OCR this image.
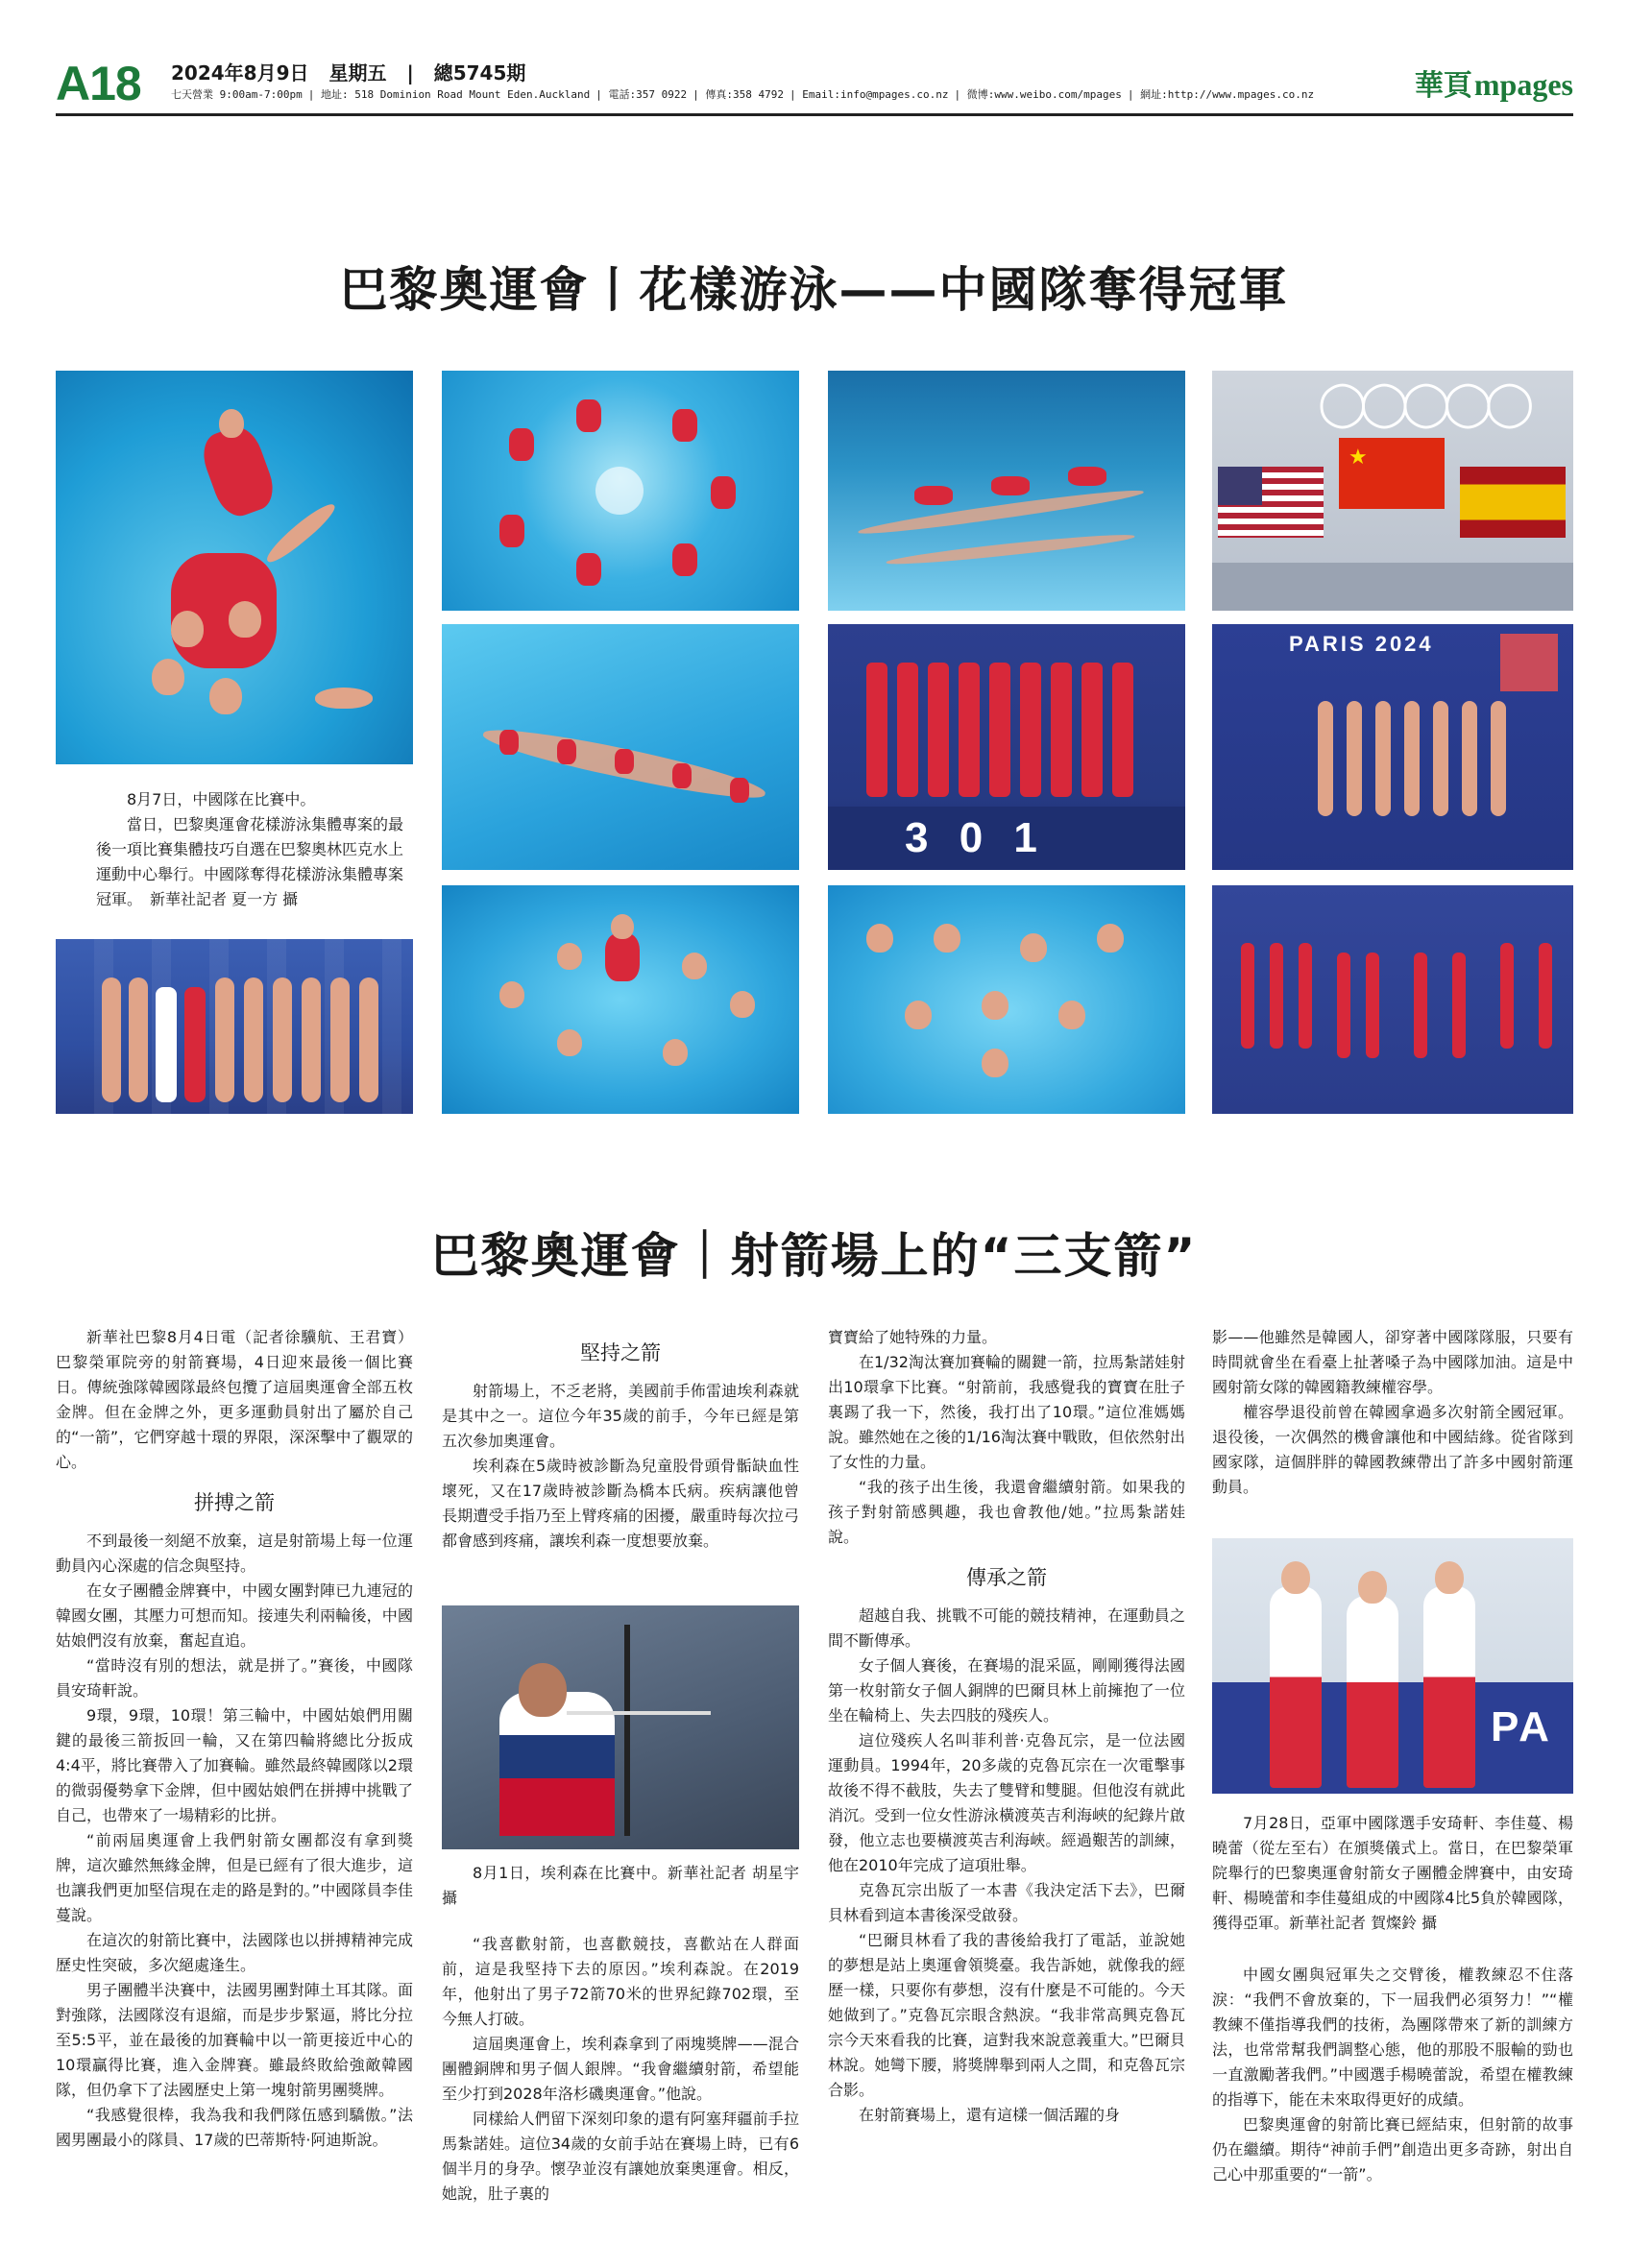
A18 2024年8月9日 星期五 | 總5745期
七天營業 9:00am-7:00pm | 地址: 518 Dominion Road Mount Eden.Auckland | 電話:357 0922 | 傳真:358 4792 | Email:info@mpages.co.nz | 微博:www.weibo.com/mpages | 網址:http://www.mpages.co.nz	華頁mpages
巴黎奧運會丨花樣游泳——中國隊奪得冠軍

8月7日，中國隊在比賽中。

當日，巴黎奧運會花樣游泳集體專案的最後一項比賽集體技巧自選在巴黎奧林匹克水上運動中心舉行。中國隊奪得花樣游泳集體專案冠軍。　新華社記者 夏一方 攝

3 0 1
◯◯◯◯◯
★
PARIS 2024
巴黎奧運會｜射箭場上的“三支箭”

新華社巴黎8月4日電（記者徐驥航、王君寶）巴黎榮軍院旁的射箭賽場，4日迎來最後一個比賽日。傳統強隊韓國隊最終包攬了這屆奧運會全部五枚金牌。但在金牌之外，更多運動員射出了屬於自己的“一箭”，它們穿越十環的界限，深深擊中了觀眾的心。

拼搏之箭

不到最後一刻絕不放棄，這是射箭場上每一位運動員內心深處的信念與堅持。

在女子團體金牌賽中，中國女團對陣已九連冠的韓國女團，其壓力可想而知。接連失利兩輪後，中國姑娘們沒有放棄，奮起直追。

“當時沒有別的想法，就是拼了。”賽後，中國隊員安琦軒說。

9環，9環，10環！第三輪中，中國姑娘們用關鍵的最後三箭扳回一輪，又在第四輪將總比分扳成4:4平，將比賽帶入了加賽輪。雖然最終韓國隊以2環的微弱優勢拿下金牌，但中國姑娘們在拼搏中挑戰了自己，也帶來了一場精彩的比拼。

“前兩屆奧運會上我們射箭女團都沒有拿到獎牌，這次雖然無緣金牌，但是已經有了很大進步，這也讓我們更加堅信現在走的路是對的。”中國隊員李佳蔓說。

在這次的射箭比賽中，法國隊也以拼搏精神完成歷史性突破，多次絕處逢生。

男子團體半決賽中，法國男團對陣土耳其隊。面對強隊，法國隊沒有退縮，而是步步緊逼，將比分拉至5:5平，並在最後的加賽輪中以一箭更接近中心的10環贏得比賽，進入金牌賽。雖最終敗給強敵韓國隊，但仍拿下了法國歷史上第一塊射箭男團獎牌。

“我感覺很棒，我為我和我們隊伍感到驕傲。”法國男團最小的隊員、17歲的巴蒂斯特·阿迪斯說。

堅持之箭

射箭場上，不乏老將，美國前手佈雷迪埃利森就是其中之一。這位今年35歲的前手，今年已經是第五次參加奧運會。

埃利森在5歲時被診斷為兒童股骨頭骨骺缺血性壞死，又在17歲時被診斷為橋本氏病。疾病讓他曾長期遭受手指乃至上臂疼痛的困擾，嚴重時每次拉弓都會感到疼痛，讓埃利森一度想要放棄。

8月1日，埃利森在比賽中。新華社記者 胡星宇 攝

“我喜歡射箭，也喜歡競技，喜歡站在人群面前，這是我堅持下去的原因。”埃利森說。在2019年，他射出了男子72箭70米的世界紀錄702環，至今無人打破。

這屆奧運會上，埃利森拿到了兩塊獎牌——混合團體銅牌和男子個人銀牌。“我會繼續射箭，希望能至少打到2028年洛杉磯奧運會。”他說。

同樣給人們留下深刻印象的還有阿塞拜疆前手拉馬紮諾娃。這位34歲的女前手站在賽場上時，已有6個半月的身孕。懷孕並沒有讓她放棄奧運會。相反，她說，肚子裏的

寶寶給了她特殊的力量。

在1/32淘汰賽加賽輪的關鍵一箭，拉馬紮諾娃射出10環拿下比賽。“射箭前，我感覺我的寶寶在肚子裏踢了我一下，然後，我打出了10環。”這位准媽媽說。雖然她在之後的1/16淘汰賽中戰敗，但依然射出了女性的力量。

“我的孩子出生後，我還會繼續射箭。如果我的孩子對射箭感興趣，我也會教他/她。”拉馬紮諾娃說。

傳承之箭

超越自我、挑戰不可能的競技精神，在運動員之間不斷傳承。

女子個人賽後，在賽場的混采區，剛剛獲得法國第一枚射箭女子個人銅牌的巴爾貝林上前擁抱了一位坐在輪椅上、失去四肢的殘疾人。

這位殘疾人名叫菲利普·克魯瓦宗，是一位法國運動員。1994年，20多歲的克魯瓦宗在一次電擊事故後不得不截肢，失去了雙臂和雙腿。但他沒有就此消沉。受到一位女性游泳橫渡英吉利海峽的紀錄片啟發，他立志也要橫渡英吉利海峽。經過艱苦的訓練，他在2010年完成了這項壯舉。

克魯瓦宗出版了一本書《我決定活下去》，巴爾貝林看到這本書後深受啟發。

“巴爾貝林看了我的書後給我打了電話，並說她的夢想是站上奧運會領獎臺。我告訴她，就像我的經歷一樣，只要你有夢想，沒有什麼是不可能的。今天她做到了。”克魯瓦宗眼含熱淚。“我非常高興克魯瓦宗今天來看我的比賽，這對我來說意義重大。”巴爾貝林說。她彎下腰，將獎牌舉到兩人之間，和克魯瓦宗合影。

在射箭賽場上，還有這樣一個活躍的身

影——他雖然是韓國人，卻穿著中國隊隊服，只要有時間就會坐在看臺上扯著嗓子為中國隊加油。這是中國射箭女隊的韓國籍教練權容學。

權容學退役前曾在韓國拿過多次射箭全國冠軍。退役後，一次偶然的機會讓他和中國結緣。從省隊到國家隊，這個胖胖的韓國教練帶出了許多中國射箭運動員。

PA

7月28日，亞軍中國隊選手安琦軒、李佳蔓、楊曉蕾（從左至右）在頒獎儀式上。當日，在巴黎榮軍院舉行的巴黎奧運會射箭女子團體金牌賽中，由安琦軒、楊曉蕾和李佳蔓組成的中國隊4比5負於韓國隊，獲得亞軍。新華社記者 賀燦鈴 攝

中國女團與冠軍失之交臂後，權教練忍不住落淚：“我們不會放棄的，下一屆我們必須努力！”“權教練不僅指導我們的技術，為團隊帶來了新的訓練方法，也常常幫我們調整心態，他的那股不服輸的勁也一直激勵著我們。”中國選手楊曉蕾說，希望在權教練的指導下，能在未來取得更好的成績。

巴黎奧運會的射箭比賽已經結束，但射箭的故事仍在繼續。期待“神前手們”創造出更多奇跡，射出自己心中那重要的“一箭”。
